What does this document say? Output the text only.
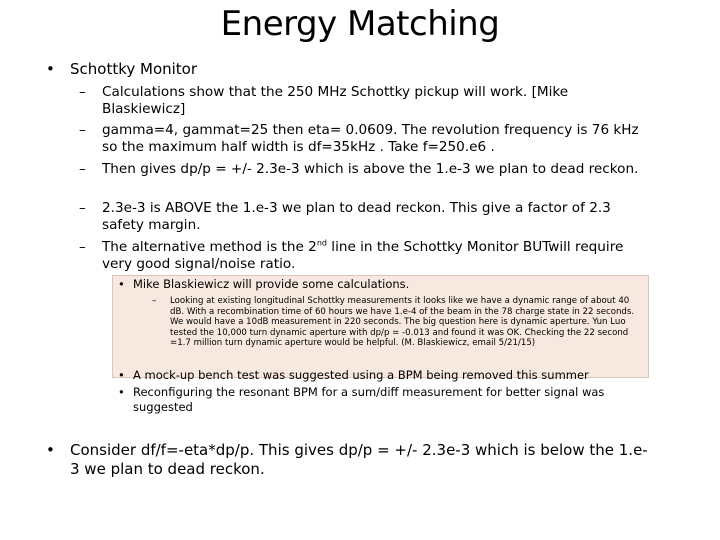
Energy Matching
• Schottky Monitor
– Calculations show that the 250 MHz Schottky pickup will work. [Mike Blaskiewicz]
– gamma=4, gammat=25 then eta= 0.0609. The revolution frequency is 76 kHz so the maximum half width is df=35kHz . Take f=250.e6 .
– Then gives dp/p = +/- 2.3e-3 which is above the 1.e-3 we plan to dead reckon.
– 2.3e-3 is ABOVE the 1.e-3 we plan to dead reckon. This give a factor of 2.3 safety margin.
– The alternative method is the 2nd line in the Schottky Monitor BUTwill require very good signal/noise ratio.
• Mike Blaskiewicz will provide some calculations.
– Looking at existing longitudinal Schottky measurements it looks like we have a dynamic range of about 40 dB. With a recombination time of 60 hours we have 1.e-4 of the beam in the 78 charge state in 22 seconds. We would have a 10dB measurement in 220 seconds. The big question here is dynamic aperture. Yun Luo tested the 10,000 turn dynamic aperture with dp/p = -0.013 and found it was OK. Checking the 22 second =1.7 million turn dynamic aperture would be helpful. (M. Blaskiewicz, email 5/21/15)
• A mock-up bench test was suggested using a BPM being removed this summer
• Reconfiguring the resonant BPM for a sum/diff measurement for better signal was suggested
• Consider df/f=-eta*dp/p. This gives dp/p = +/- 2.3e-3 which is below the 1.e-3 we plan to dead reckon.
